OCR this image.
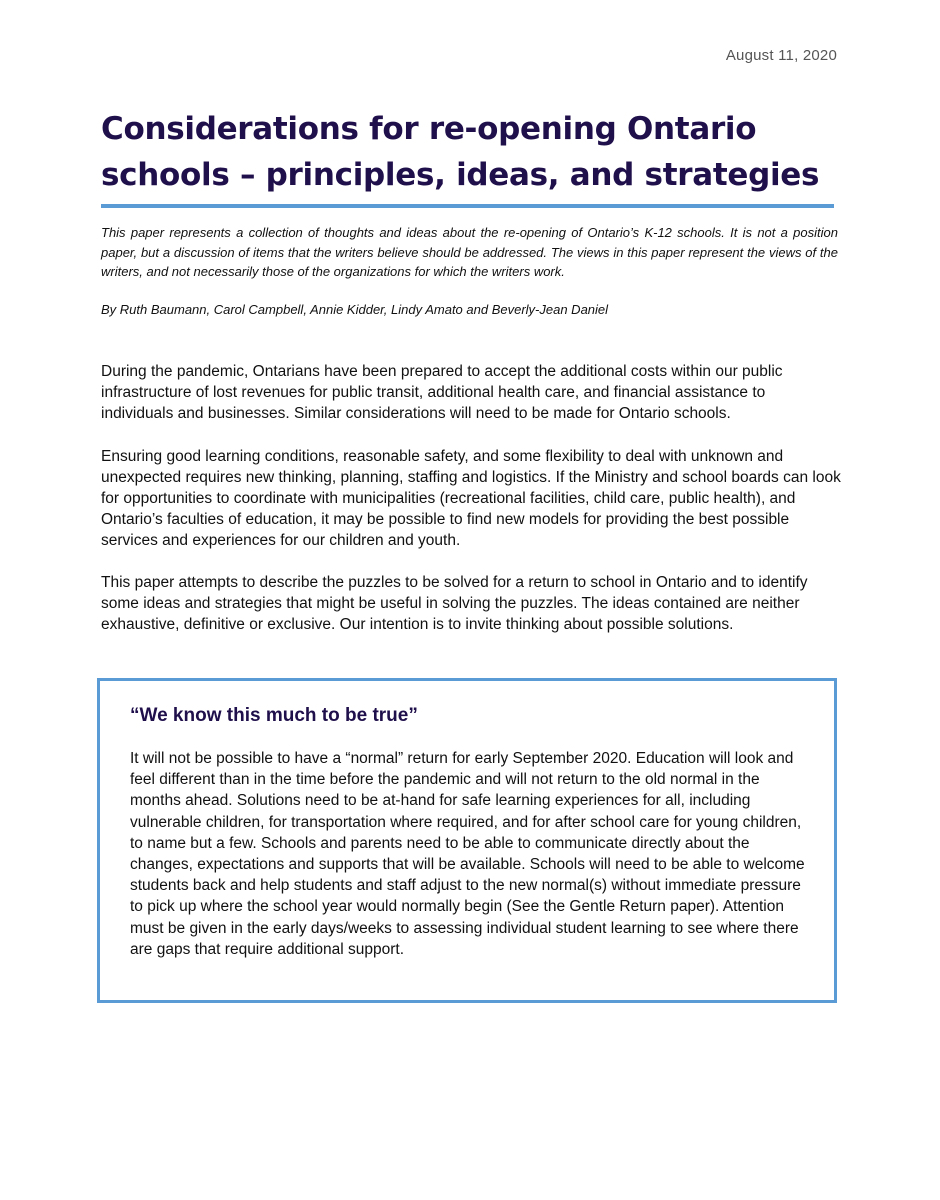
August 11, 2020
Considerations for re-opening Ontario schools – principles, ideas, and strategies

This paper represents a collection of thoughts and ideas about the re-opening of Ontario’s K-12 schools. It is not a position paper, but a discussion of items that the writers believe should be addressed. The views in this paper represent the views of the writers, and not necessarily those of the organizations for which the writers work.

By Ruth Baumann, Carol Campbell, Annie Kidder, Lindy Amato and Beverly-Jean Daniel

During the pandemic, Ontarians have been prepared to accept the additional costs within our public infrastructure of lost revenues for public transit, additional health care, and financial assistance to individuals and businesses. Similar considerations will need to be made for Ontario schools.

Ensuring good learning conditions, reasonable safety, and some flexibility to deal with unknown and unexpected requires new thinking, planning, staffing and logistics. If the Ministry and school boards can look for opportunities to coordinate with municipalities (recreational facilities, child care, public health), and Ontario’s faculties of education, it may be possible to find new models for providing the best possible services and experiences for our children and youth.

This paper attempts to describe the puzzles to be solved for a return to school in Ontario and to identify some ideas and strategies that might be useful in solving the puzzles. The ideas contained are neither exhaustive, definitive or exclusive. Our intention is to invite thinking about possible solutions.

“We know this much to be true”

It will not be possible to have a “normal” return for early September 2020. Education will look and feel different than in the time before the pandemic and will not return to the old normal in the months ahead. Solutions need to be at-hand for safe learning experiences for all, including vulnerable children, for transportation where required, and for after school care for young children, to name but a few. Schools and parents need to be able to communicate directly about the changes, expectations and supports that will be available. Schools will need to be able to welcome students back and help students and staff adjust to the new normal(s) without immediate pressure to pick up where the school year would normally begin (See the Gentle Return paper). Attention must be given in the early days/weeks to assessing individual student learning to see where there are gaps that require additional support.
